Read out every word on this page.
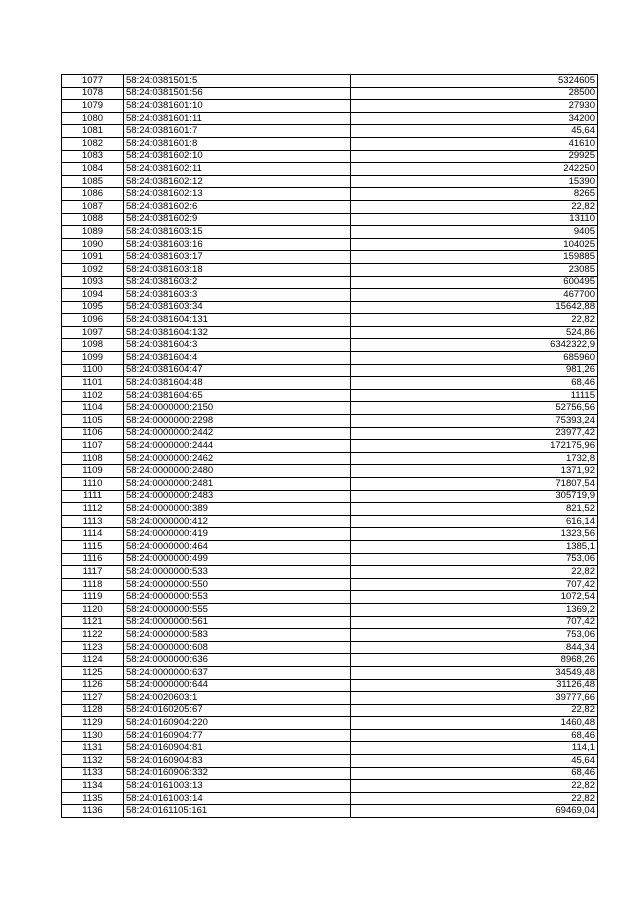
1077	58:24:0381501:5	5324605
1078	58:24:0381501:56	28500
1079	58:24:0381601:10	27930
1080	58:24:0381601:11	34200
1081	58:24:0381601:7	45,64
1082	58:24:0381601:8	41610
1083	58:24:0381602:10	29925
1084	58:24:0381602:11	242250
1085	58:24:0381602:12	15390
1086	58:24:0381602:13	8265
1087	58:24:0381602:6	22,82
1088	58:24:0381602:9	13110
1089	58:24:0381603:15	9405
1090	58:24:0381603:16	104025
1091	58:24:0381603:17	159885
1092	58:24:0381603:18	23085
1093	58:24:0381603:2	600495
1094	58:24:0381603:3	467700
1095	58:24:0381603:34	15642,88
1096	58:24:0381604:131	22,82
1097	58:24:0381604:132	524,86
1098	58:24:0381604:3	6342322,9
1099	58:24:0381604:4	685960
1100	58:24:0381604:47	981,26
1101	58:24:0381604:48	68,46
1102	58:24:0381604:65	11115
1104	58:24:0000000:2150	52756,56
1105	58:24:0000000:2298	75393,24
1106	58:24:0000000:2442	23977,42
1107	58:24:0000000:2444	172175,96
1108	58:24:0000000:2462	1732,8
1109	58:24:0000000:2480	1371,92
1110	58:24:0000000:2481	71807,54
1111	58:24:0000000:2483	305719,9
1112	58:24:0000000:389	821,52
1113	58:24:0000000:412	616,14
1114	58:24:0000000:419	1323,56
1115	58:24:0000000:464	1385,1
1116	58:24:0000000:499	753,06
1117	58:24:0000000:533	22,82
1118	58:24:0000000:550	707,42
1119	58:24:0000000:553	1072,54
1120	58:24:0000000:555	1369,2
1121	58:24:0000000:561	707,42
1122	58:24:0000000:583	753,06
1123	58:24:0000000:608	844,34
1124	58:24:0000000:636	8968,26
1125	58:24:0000000:637	34549,48
1126	58:24:0000000:644	31126,48
1127	58:24:0020603:1	39777,66
1128	58:24:0160205:67	22,82
1129	58:24:0160904:220	1460,48
1130	58:24:0160904:77	68,46
1131	58:24:0160904:81	114,1
1132	58:24:0160904:83	45,64
1133	58:24:0160906:332	68,46
1134	58:24:0161003:13	22,82
1135	58:24:0161003:14	22,82
1136	58:24:0161105:161	69469,04
